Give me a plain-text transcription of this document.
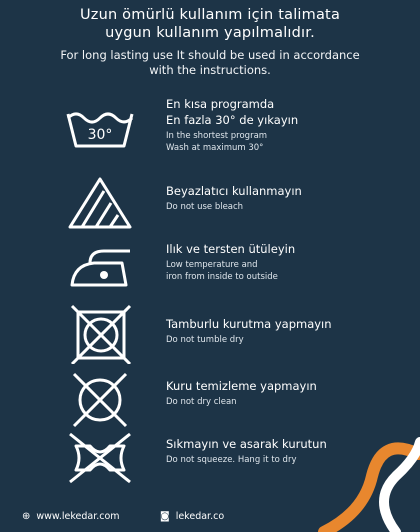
Uzun ömürlü kullanım için talimata
uygun kullanım yapılmalıdır.
For long lasting use It should be used in accordance
with the instructions.
30°
En kısa programda
En fazla 30° de yıkayın
In the shortest program
Wash at maximum 30°
Beyazlatıcı kullanmayın
Do not use bleach
Ilık ve tersten ütüleyin
Low temperature and
iron from inside to outside
Tamburlu kurutma yapmayın
Do not tumble dry
Kuru temizleme yapmayın
Do not dry clean
Sıkmayın ve asarak kurutun
Do not squeeze. Hang it to dry
⊕ www.lekedar.com	◙ lekedar.co
